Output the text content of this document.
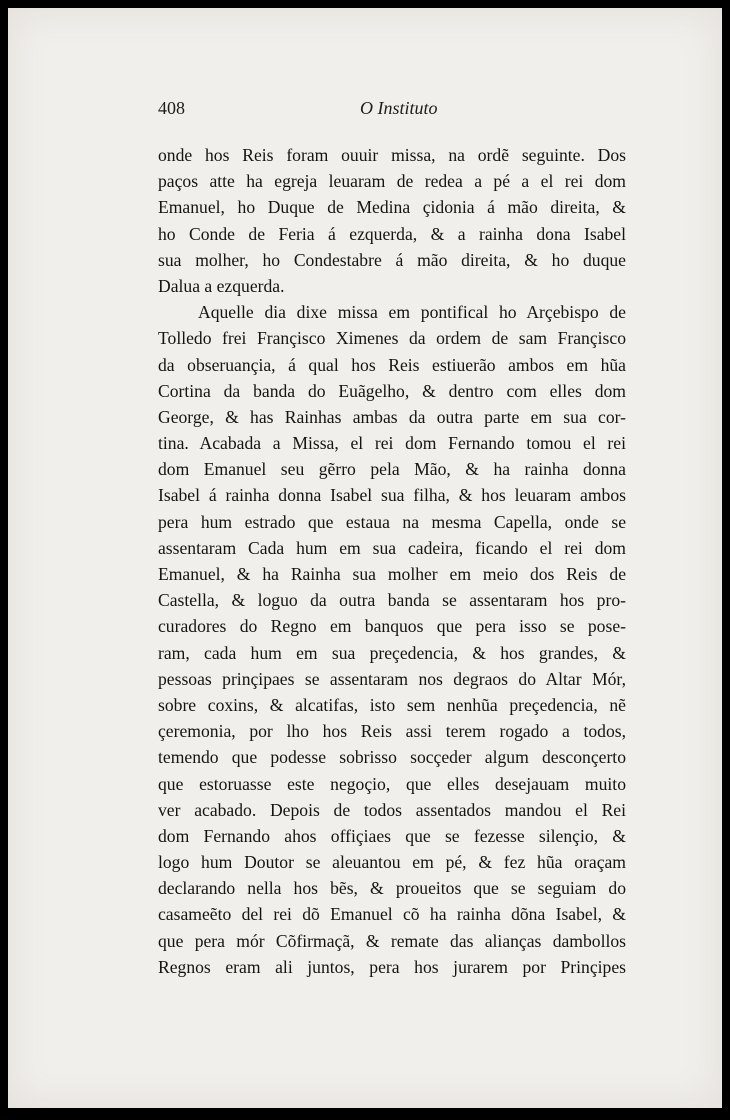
408	O Instituto
onde hos Reis foram ouuir missa, na ordẽ seguinte. Dos
paços atte ha egreja leuaram de redea a pé a el rei dom
Emanuel, ho Duque de Medina çidonia á mão direita, &
ho Conde de Feria á ezquerda, & a rainha dona Isabel
sua molher, ho Condestabre á mão direita, & ho duque
Dalua a ezquerda.
Aquelle dia dixe missa em pontifical ho Arçebispo de
Tolledo frei Françisco Ximenes da ordem de sam Françisco
da obseruançia, á qual hos Reis estiuerão ambos em hũa
Cortina da banda do Euãgelho, & dentro com elles dom
George, & has Rainhas ambas da outra parte em sua cor-
tina. Acabada a Missa, el rei dom Fernando tomou el rei
dom Emanuel seu gẽrro pela Mão, & ha rainha donna
Isabel á rainha donna Isabel sua filha, & hos leuaram ambos
pera hum estrado que estaua na mesma Capella, onde se
assentaram Cada hum em sua cadeira, ficando el rei dom
Emanuel, & ha Rainha sua molher em meio dos Reis de
Castella, & loguo da outra banda se assentaram hos pro-
curadores do Regno em banquos que pera isso se pose-
ram, cada hum em sua preçedencia, & hos grandes, &
pessoas prinçipaes se assentaram nos degraos do Altar Mór,
sobre coxins, & alcatifas, isto sem nenhũa preçedencia, nẽ
çeremonia, por lho hos Reis assi terem rogado a todos,
temendo que podesse sobrisso socçeder algum desconçerto
que estoruasse este negoçio, que elles desejauam muito
ver acabado. Depois de todos assentados mandou el Rei
dom Fernando ahos offiçiaes que se fezesse silençio, &
logo hum Doutor se aleuantou em pé, & fez hũa oraçam
declarando nella hos bẽs, & proueitos que se seguiam do
casameẽto del rei dõ Emanuel cõ ha rainha dõna Isabel, &
que pera mór Cõfirmaçã, & remate das alianças dambollos
Regnos eram ali juntos, pera hos jurarem por Prinçipes
